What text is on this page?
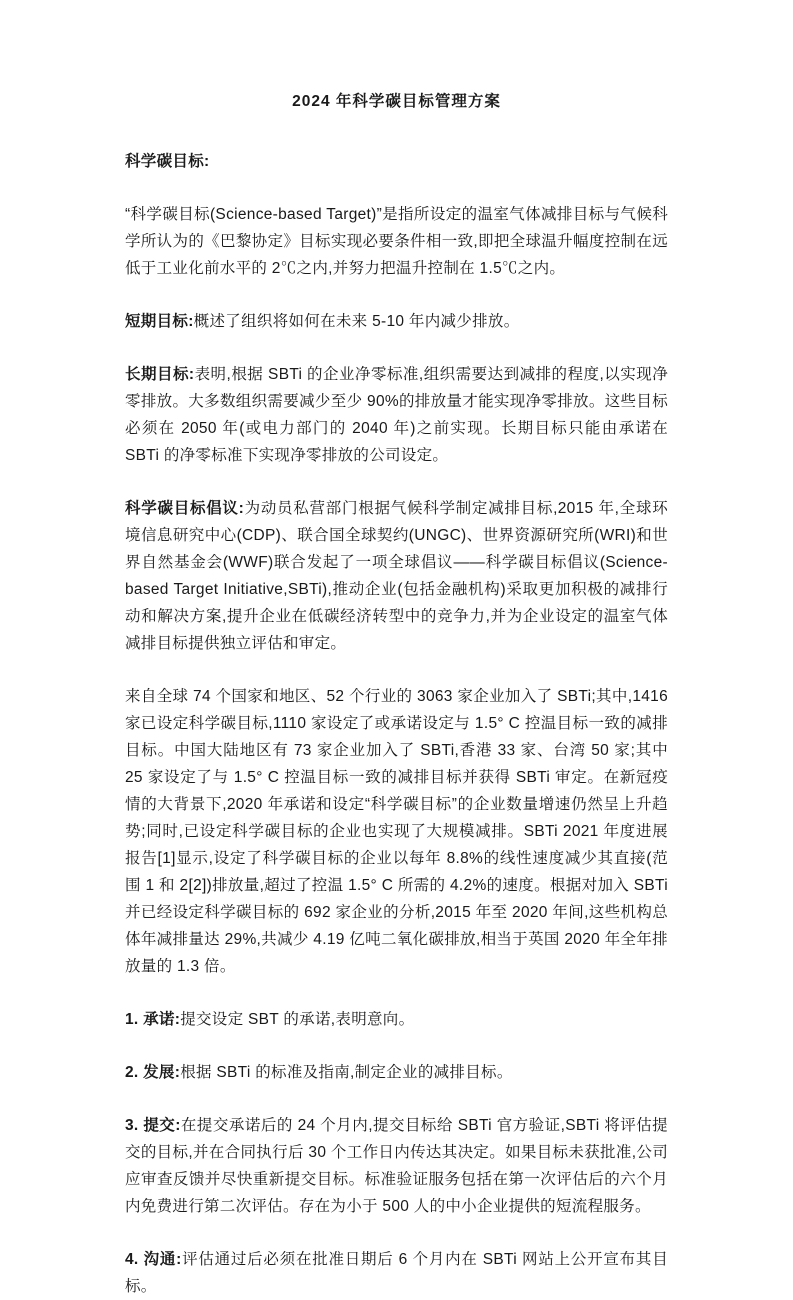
2024 年科学碳目标管理方案

科学碳目标:

“科学碳目标(Science-based Target)”是指所设定的温室气体减排目标与气候科学所认为的《巴黎协定》目标实现必要条件相一致,即把全球温升幅度控制在远低于工业化前水平的 2℃之内,并努力把温升控制在 1.5℃之内。

短期目标:概述了组织将如何在未来 5-10 年内减少排放。

长期目标:表明,根据 SBTi 的企业净零标准,组织需要达到减排的程度,以实现净零排放。大多数组织需要减少至少 90%的排放量才能实现净零排放。这些目标必须在 2050 年(或电力部门的 2040 年)之前实现。长期目标只能由承诺在 SBTi 的净零标准下实现净零排放的公司设定。

科学碳目标倡议:为动员私营部门根据气候科学制定减排目标,2015 年,全球环境信息研究中心(CDP)、联合国全球契约(UNGC)、世界资源研究所(WRI)和世界自然基金会(WWF)联合发起了一项全球倡议——科学碳目标倡议(Science-based Target Initiative,SBTi),推动企业(包括金融机构)采取更加积极的减排行动和解决方案,提升企业在低碳经济转型中的竞争力,并为企业设定的温室气体减排目标提供独立评估和审定。

来自全球 74 个国家和地区、52 个行业的 3063 家企业加入了 SBTi;其中,1416 家已设定科学碳目标,1110 家设定了或承诺设定与 1.5° C 控温目标一致的减排目标。中国大陆地区有 73 家企业加入了 SBTi,香港 33 家、台湾 50 家;其中 25 家设定了与 1.5° C 控温目标一致的减排目标并获得 SBTi 审定。在新冠疫情的大背景下,2020 年承诺和设定“科学碳目标”的企业数量增速仍然呈上升趋势;同时,已设定科学碳目标的企业也实现了大规模减排。SBTi 2021 年度进展报告[1]显示,设定了科学碳目标的企业以每年 8.8%的线性速度减少其直接(范围 1 和 2[2])排放量,超过了控温 1.5° C 所需的 4.2%的速度。根据对加入 SBTi 并已经设定科学碳目标的 692 家企业的分析,2015 年至 2020 年间,这些机构总体年减排量达 29%,共减少 4.19 亿吨二氧化碳排放,相当于英国 2020 年全年排放量的 1.3 倍。

1. 承诺:提交设定 SBT 的承诺,表明意向。

2. 发展:根据 SBTi 的标准及指南,制定企业的减排目标。

3. 提交:在提交承诺后的 24 个月内,提交目标给 SBTi 官方验证,SBTi 将评估提交的目标,并在合同执行后 30 个工作日内传达其决定。如果目标未获批准,公司应审查反馈并尽快重新提交目标。标准验证服务包括在第一次评估后的六个月内免费进行第二次评估。存在为小于 500 人的中小企业提供的短流程服务。

4. 沟通:评估通过后必须在批准日期后 6 个月内在 SBTi 网站上公开宣布其目标。
